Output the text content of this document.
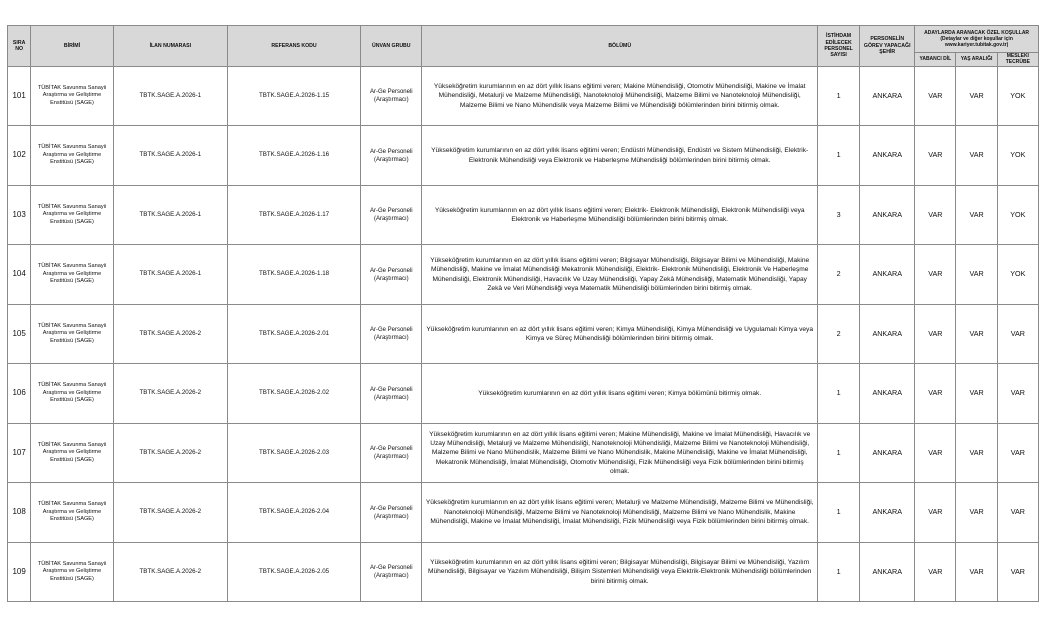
SIRA NO	BİRİMİ	İLAN NUMARASI	REFERANS KODU	ÜNVAN GRUBU	BÖLÜMÜ	İSTİHDAM EDİLECEK PERSONEL SAYISI	PERSONELİN GÖREV YAPACAĞI ŞEHİR	ADAYLARDA ARANACAK ÖZEL KOŞULLAR (Detaylar ve diğer koşullar için www.kariyer.tubitak.gov.tr)		
								YABANCI DİL	YAŞ ARALIĞI	MESLEKİ TECRÜBE
101	TÜBİTAK Savunma Sanayii Araştırma ve Geliştirme Enstitüsü (SAGE)	TBTK.SAGE.A.2026-1	TBTK.SAGE.A.2026-1.15	Ar-Ge Personeli (Araştırmacı)	Yükseköğretim kurumlarının en az dört yıllık lisans eğitimi veren; Makine Mühendisliği, Otomotiv Mühendisliği, Makine ve İmalat Mühendisliği, Metalurji ve Malzeme Mühendisliği, Nanoteknoloji Mühendisliği, Malzeme Bilimi ve Nanoteknoloji Mühendisliği, Malzeme Bilimi ve Nano Mühendislik veya Malzeme Bilimi ve Mühendisliği bölümlerinden birini bitirmiş olmak.	1	ANKARA	VAR	VAR	YOK
102	TÜBİTAK Savunma Sanayii Araştırma ve Geliştirme Enstitüsü (SAGE)	TBTK.SAGE.A.2026-1	TBTK.SAGE.A.2026-1.16	Ar-Ge Personeli (Araştırmacı)	Yükseköğretim kurumlarının en az dört yıllık lisans eğitimi veren; Endüstri Mühendisliği, Endüstri ve Sistem Mühendisliği, Elektrik-Elektronik Mühendisliği veya Elektronik ve Haberleşme Mühendisliği bölümlerinden birini bitirmiş olmak.	1	ANKARA	VAR	VAR	YOK
103	TÜBİTAK Savunma Sanayii Araştırma ve Geliştirme Enstitüsü (SAGE)	TBTK.SAGE.A.2026-1	TBTK.SAGE.A.2026-1.17	Ar-Ge Personeli (Araştırmacı)	Yükseköğretim kurumlarının en az dört yıllık lisans eğitimi veren; Elektrik- Elektronik Mühendisliği, Elektronik Mühendisliği veya Elektronik ve Haberleşme Mühendisliği bölümlerinden birini bitirmiş olmak.	3	ANKARA	VAR	VAR	YOK
104	TÜBİTAK Savunma Sanayii Araştırma ve Geliştirme Enstitüsü (SAGE)	TBTK.SAGE.A.2026-1	TBTK.SAGE.A.2026-1.18	Ar-Ge Personeli (Araştırmacı)	Yükseköğretim kurumlarının en az dört yıllık lisans eğitimi veren; Bilgisayar Mühendisliği, Bilgisayar Bilimi ve Mühendisliği, Makine Mühendisliği, Makine ve İmalat Mühendisliği Mekatronik Mühendisliği, Elektrik- Elektronik Mühendisliği, Elektronik Ve Haberleşme Mühendisliği, Elektronik Mühendisliği, Havacılık Ve Uzay Mühendisliği, Yapay Zekâ Mühendisliği, Matematik Mühendisliği, Yapay Zekâ ve Veri Mühendisliği veya Matematik Mühendisliği bölümlerinden birini bitirmiş olmak.	2	ANKARA	VAR	VAR	YOK
105	TÜBİTAK Savunma Sanayii Araştırma ve Geliştirme Enstitüsü (SAGE)	TBTK.SAGE.A.2026-2	TBTK.SAGE.A.2026-2.01	Ar-Ge Personeli (Araştırmacı)	Yükseköğretim kurumlarının en az dört yıllık lisans eğitimi veren; Kimya Mühendisliği, Kimya Mühendisliği ve Uygulamalı Kimya veya Kimya ve Süreç Mühendisliği bölümlerinden birini bitirmiş olmak.	2	ANKARA	VAR	VAR	VAR
106	TÜBİTAK Savunma Sanayii Araştırma ve Geliştirme Enstitüsü (SAGE)	TBTK.SAGE.A.2026-2	TBTK.SAGE.A.2026-2.02	Ar-Ge Personeli (Araştırmacı)	Yükseköğretim kurumlarının en az dört yıllık lisans eğitimi veren; Kimya bölümünü bitirmiş olmak.	1	ANKARA	VAR	VAR	VAR
107	TÜBİTAK Savunma Sanayii Araştırma ve Geliştirme Enstitüsü (SAGE)	TBTK.SAGE.A.2026-2	TBTK.SAGE.A.2026-2.03	Ar-Ge Personeli (Araştırmacı)	Yükseköğretim kurumlarının en az dört yıllık lisans eğitimi veren; Makine Mühendisliği, Makine ve İmalat Mühendisliği, Havacılık ve Uzay Mühendisliği, Metalurji ve Malzeme Mühendisliği, Nanoteknoloji Mühendisliği, Malzeme Bilimi ve Nanoteknoloji Mühendisliği, Malzeme Bilimi ve Nano Mühendislik, Malzeme Bilimi ve Nano Mühendislik, Makine Mühendisliği, Makine ve İmalat Mühendisliği, Mekatronik Mühendisliği, İmalat Mühendisliği, Otomotiv Mühendisliği, Fizik Mühendisliği veya Fizik bölümlerinden birini bitirmiş olmak.	1	ANKARA	VAR	VAR	VAR
108	TÜBİTAK Savunma Sanayii Araştırma ve Geliştirme Enstitüsü (SAGE)	TBTK.SAGE.A.2026-2	TBTK.SAGE.A.2026-2.04	Ar-Ge Personeli (Araştırmacı)	Yükseköğretim kurumlarının en az dört yıllık lisans eğitimi veren; Metalurji ve Malzeme Mühendisliği, Malzeme Bilimi ve Mühendisliği, Nanoteknoloji Mühendisliği, Malzeme Bilimi ve Nanoteknoloji Mühendisliği, Malzeme Bilimi ve Nano Mühendislik, Makine Mühendisliği, Makine ve İmalat Mühendisliği, İmalat Mühendisliği, Fizik Mühendisliği veya Fizik bölümlerinden birini bitirmiş olmak.	1	ANKARA	VAR	VAR	VAR
109	TÜBİTAK Savunma Sanayii Araştırma ve Geliştirme Enstitüsü (SAGE)	TBTK.SAGE.A.2026-2	TBTK.SAGE.A.2026-2.05	Ar-Ge Personeli (Araştırmacı)	Yükseköğretim kurumlarının en az dört yıllık lisans eğitimi veren; Bilgisayar Mühendisliği, Bilgisayar Bilimi ve Mühendisliği, Yazılım Mühendisliği, Bilgisayar ve Yazılım Mühendisliği, Bilişim Sistemleri Mühendisliği veya Elektrik-Elektronik Mühendisliği bölümlerinden birini bitirmiş olmak.	1	ANKARA	VAR	VAR	VAR
